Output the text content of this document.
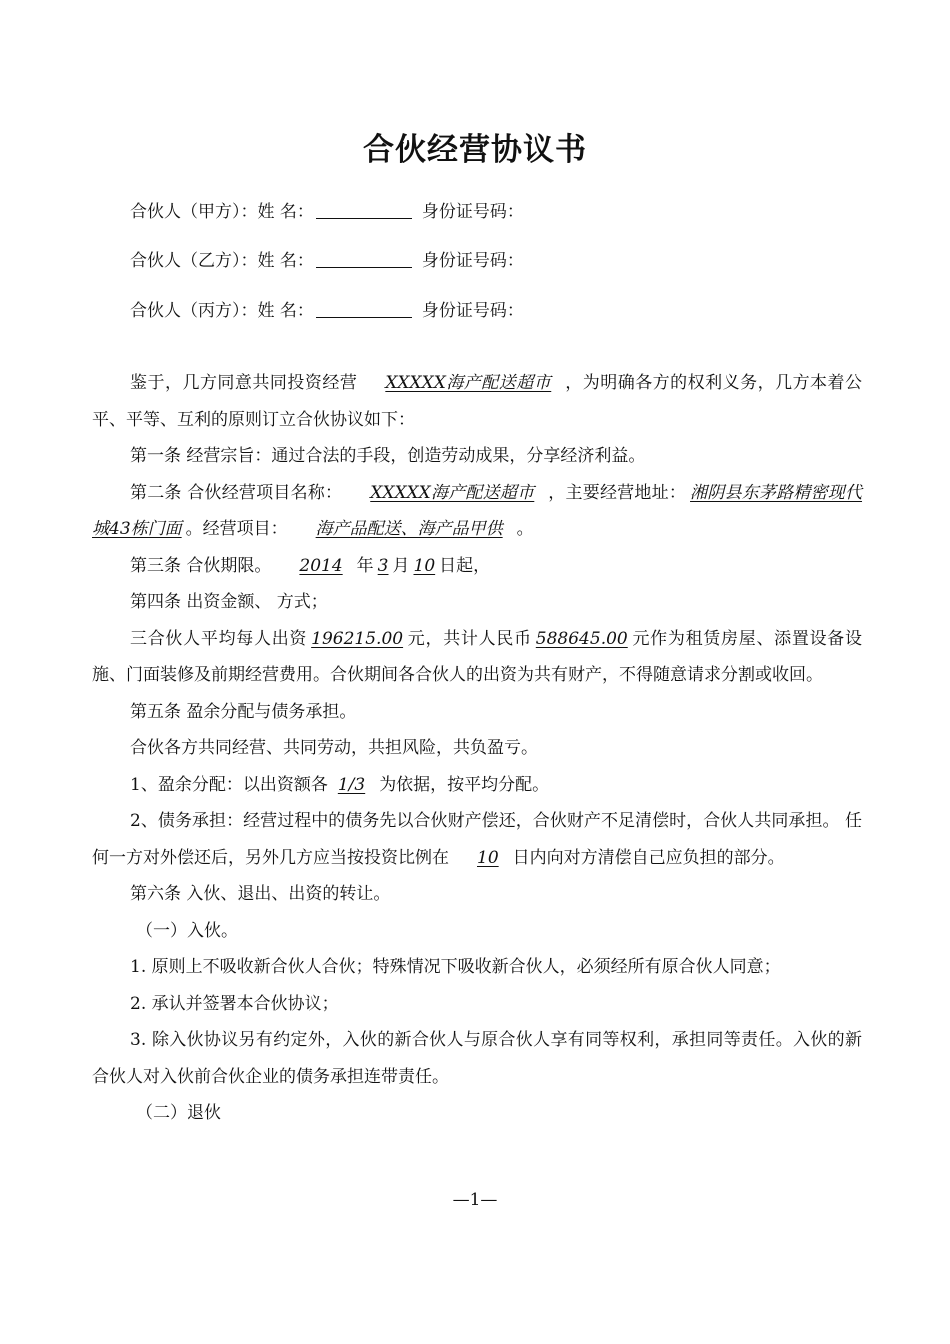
合伙经营协议书
合伙人（甲方）：姓 名：	身份证号码：
合伙人（乙方）：姓 名：	身份证号码：
合伙人（丙方）：姓 名：	身份证号码：

鉴于，几方同意共同投资经营 XXXXX海产配送超市 ，为明确各方的权利义务，几方本着公平、平等、互利的原则订立合伙协议如下：

第一条 经营宗旨：通过合法的手段，创造劳动成果，分享经济利益。

第二条 合伙经营项目名称： XXXXX海产配送超市 ，主要经营地址： 湘阴县东茅路精密现代城43栋门面 。经营项目： 海产品配送、海产品甲供 。

第三条 合伙期限。 2014 年 3 月 10 日起，

第四条 出资金额、 方式；

三合伙人平均每人出资 196215.00 元，共计人民币 588645.00 元作为租赁房屋、添置设备设施、门面装修及前期经营费用。合伙期间各合伙人的出资为共有财产，不得随意请求分割或收回。

第五条 盈余分配与债务承担。

合伙各方共同经营、共同劳动，共担风险，共负盈亏。

1、盈余分配：以出资额各 1/3 为依据，按平均分配。

2、债务承担：经营过程中的债务先以合伙财产偿还，合伙财产不足清偿时，合伙人共同承担。 任何一方对外偿还后，另外几方应当按投资比例在 10 日内向对方清偿自己应负担的部分。

第六条 入伙、退出、出资的转让。

（一）入伙。

1. 原则上不吸收新合伙人合伙；特殊情况下吸收新合伙人，必须经所有原合伙人同意；

2. 承认并签署本合伙协议；

3. 除入伙协议另有约定外，入伙的新合伙人与原合伙人享有同等权利，承担同等责任。入伙的新合伙人对入伙前合伙企业的债务承担连带责任。

（二）退伙

—1—
